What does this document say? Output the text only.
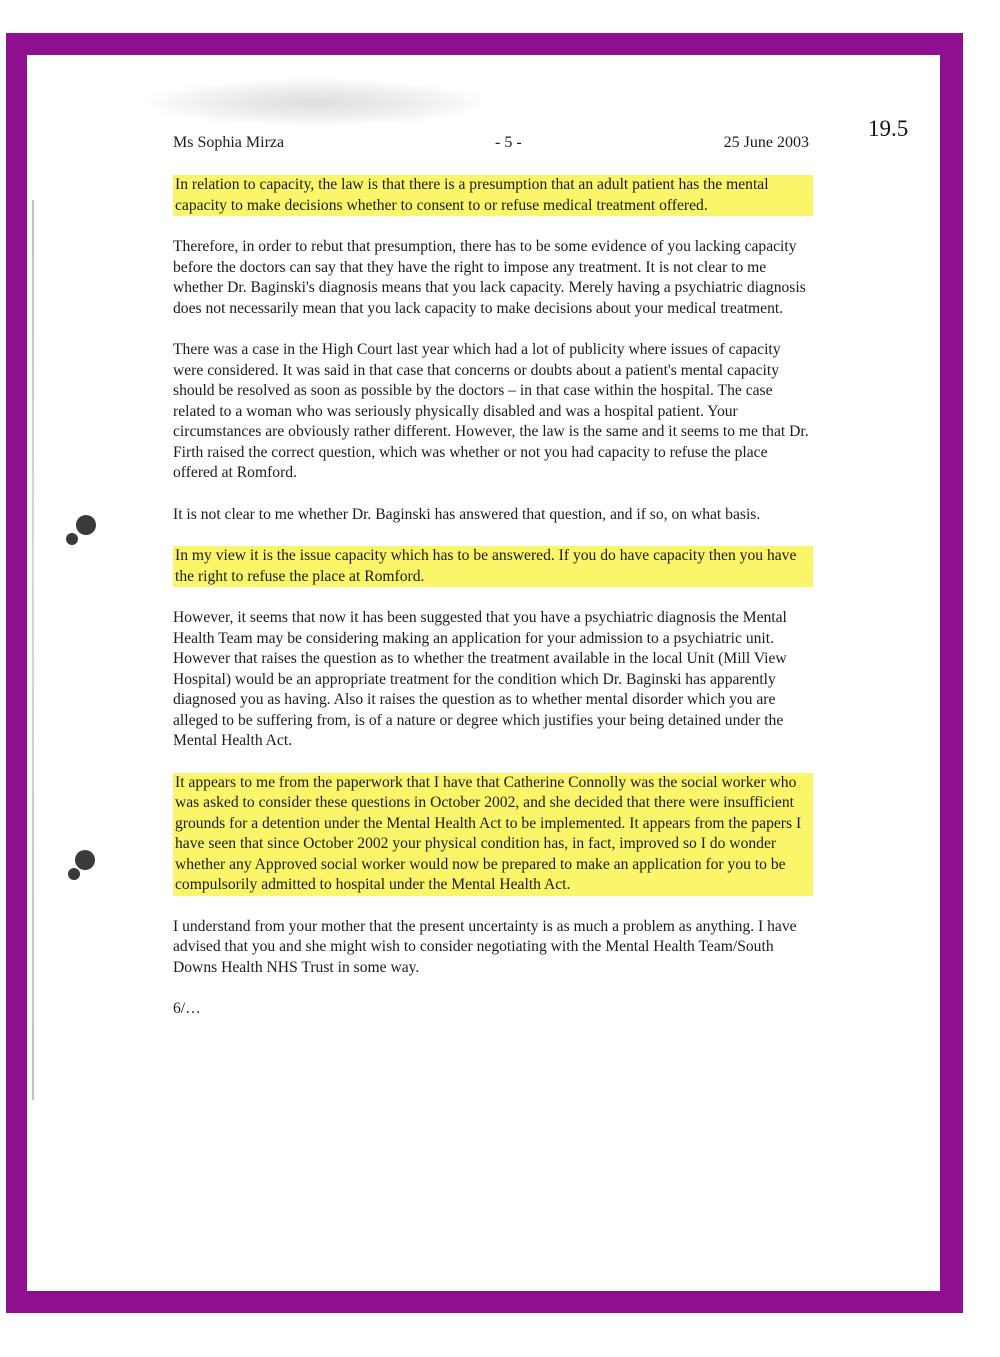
19.5
Ms Sophia Mirza	- 5 -	25 June 2003

In relation to capacity, the law is that there is a presumption that an adult patient has the mental capacity to make decisions whether to consent to or refuse medical treatment offered.

Therefore, in order to rebut that presumption, there has to be some evidence of you lacking capacity before the doctors can say that they have the right to impose any treatment. It is not clear to me whether Dr. Baginski's diagnosis means that you lack capacity. Merely having a psychiatric diagnosis does not necessarily mean that you lack capacity to make decisions about your medical treatment.

There was a case in the High Court last year which had a lot of publicity where issues of capacity were considered. It was said in that case that concerns or doubts about a patient's mental capacity should be resolved as soon as possible by the doctors – in that case within the hospital. The case related to a woman who was seriously physically disabled and was a hospital patient. Your circumstances are obviously rather different. However, the law is the same and it seems to me that Dr. Firth raised the correct question, which was whether or not you had capacity to refuse the place offered at Romford.

It is not clear to me whether Dr. Baginski has answered that question, and if so, on what basis.

In my view it is the issue capacity which has to be answered. If you do have capacity then you have the right to refuse the place at Romford.

However, it seems that now it has been suggested that you have a psychiatric diagnosis the Mental Health Team may be considering making an application for your admission to a psychiatric unit. However that raises the question as to whether the treatment available in the local Unit (Mill View Hospital) would be an appropriate treatment for the condition which Dr. Baginski has apparently diagnosed you as having. Also it raises the question as to whether mental disorder which you are alleged to be suffering from, is of a nature or degree which justifies your being detained under the Mental Health Act.

It appears to me from the paperwork that I have that Catherine Connolly was the social worker who was asked to consider these questions in October 2002, and she decided that there were insufficient grounds for a detention under the Mental Health Act to be implemented. It appears from the papers I have seen that since October 2002 your physical condition has, in fact, improved so I do wonder whether any Approved social worker would now be prepared to make an application for you to be compulsorily admitted to hospital under the Mental Health Act.

I understand from your mother that the present uncertainty is as much a problem as anything. I have advised that you and she might wish to consider negotiating with the Mental Health Team/South Downs Health NHS Trust in some way.

6/…
